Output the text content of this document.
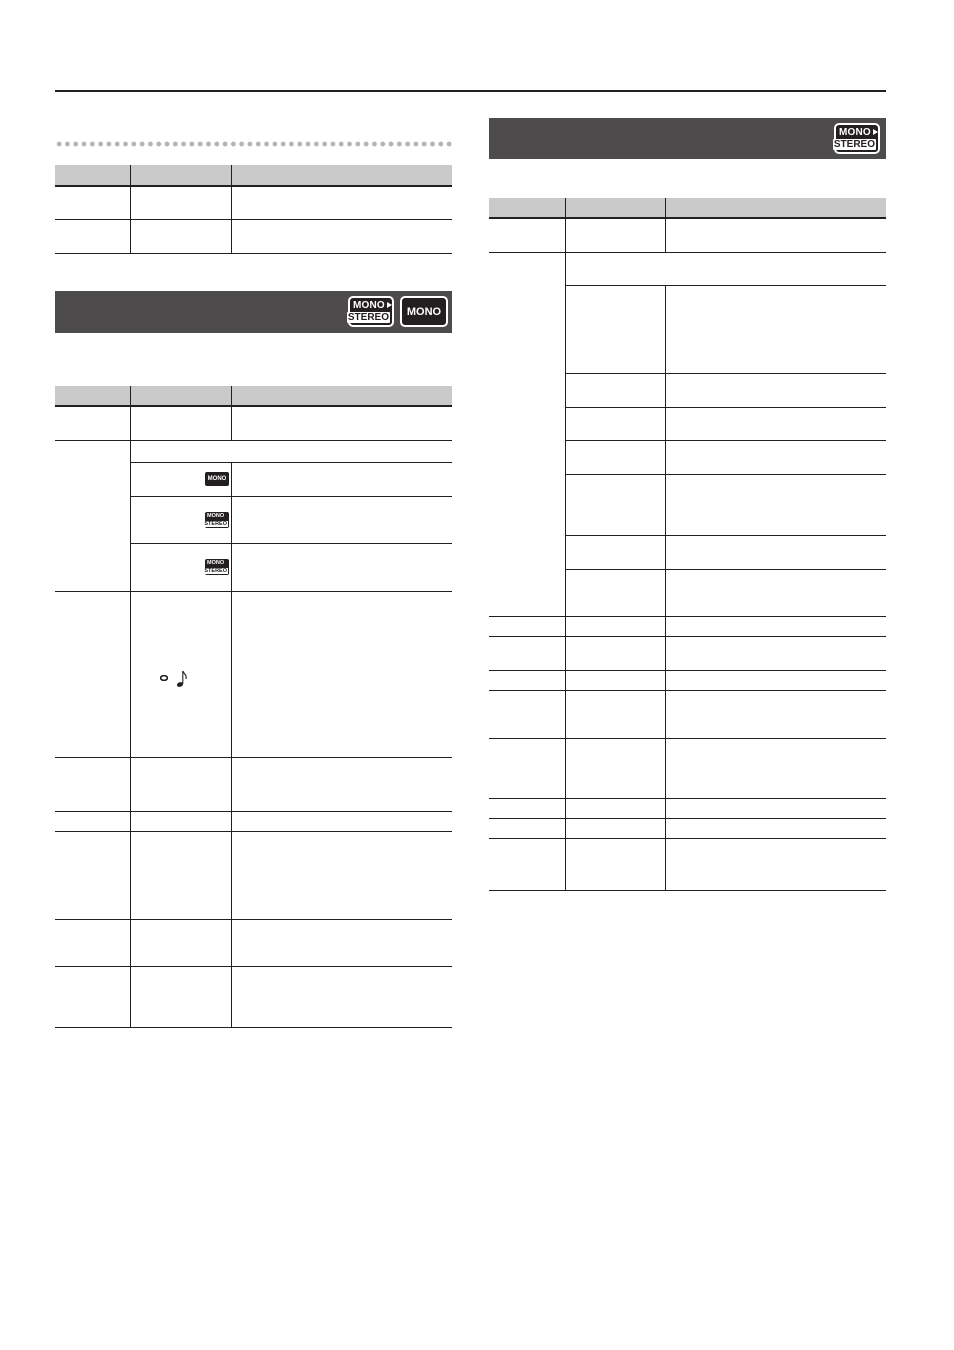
MONO
STEREO	MONO
MONO
MONO
STEREO
MONO
STEREO
MONO
STEREO
